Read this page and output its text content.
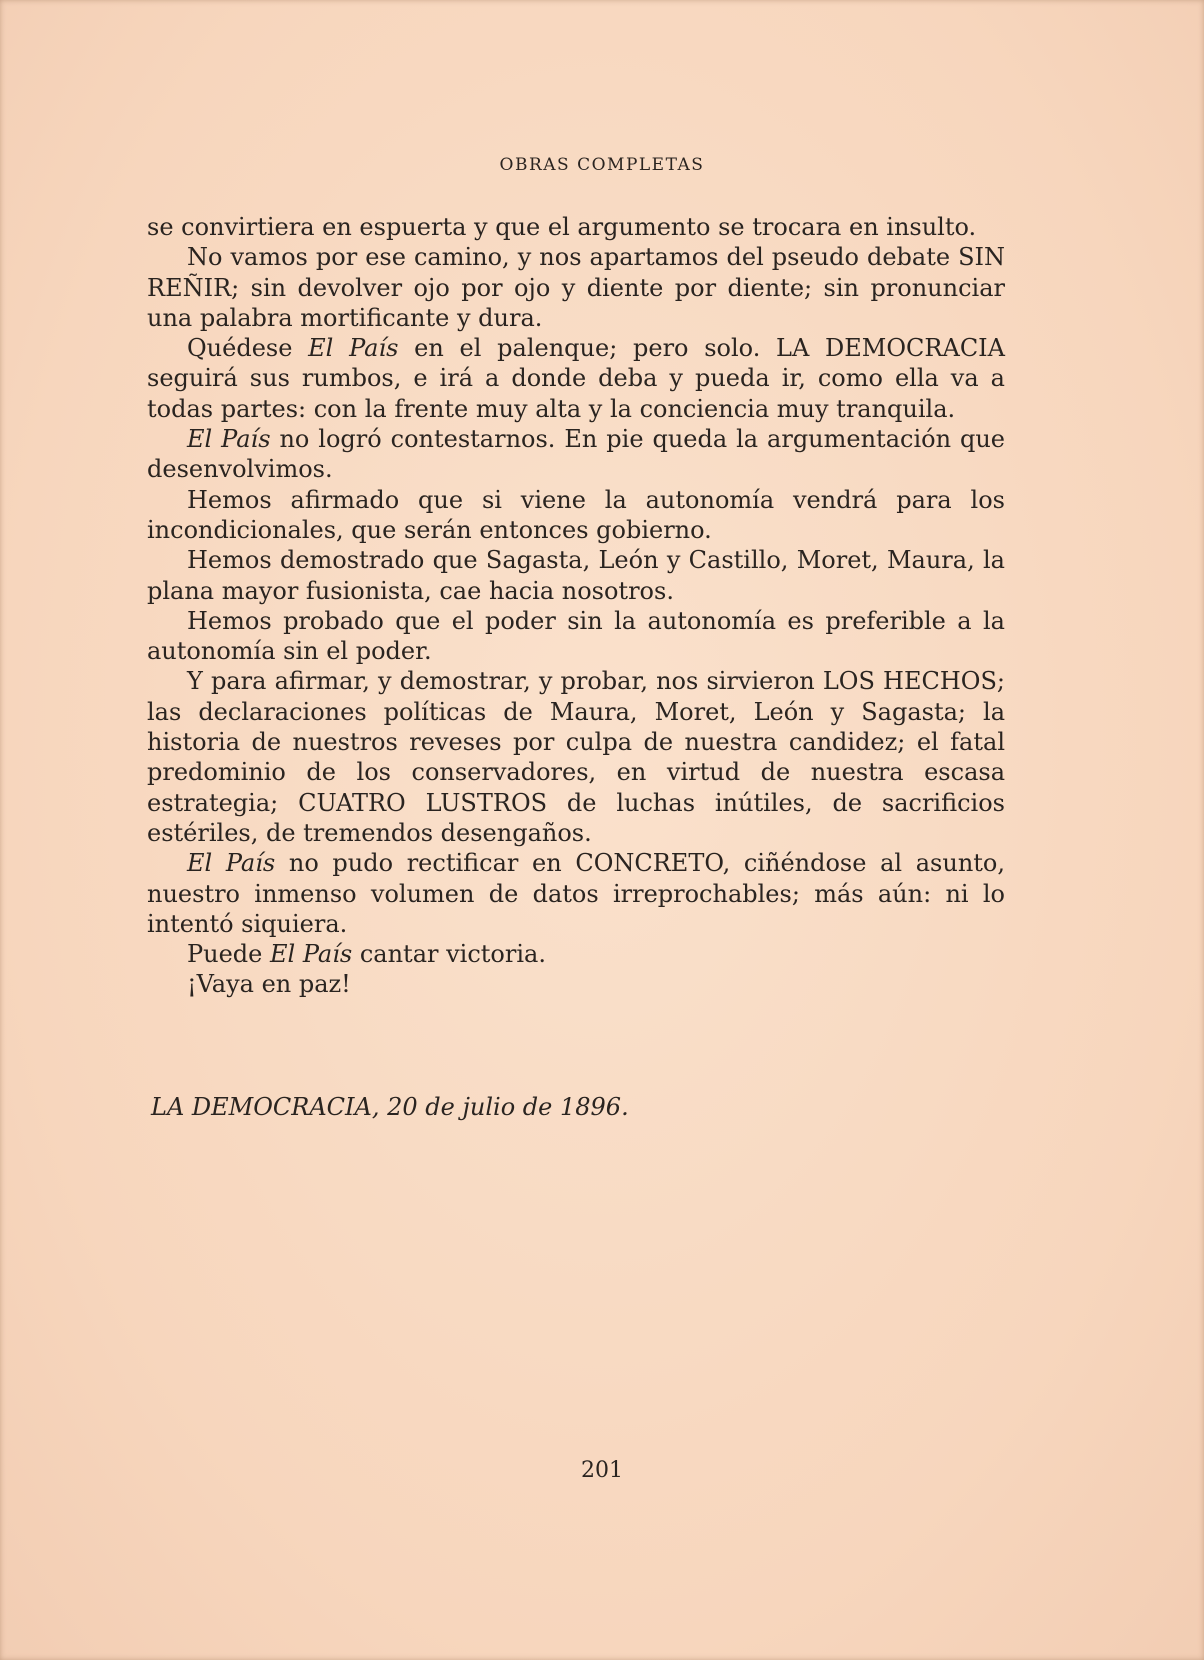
OBRAS COMPLETAS

se convirtiera en espuerta y que el argumento se trocara en insulto.

No vamos por ese camino, y nos apartamos del pseudo debate SIN REÑIR; sin devolver ojo por ojo y diente por diente; sin pronunciar una palabra mortificante y dura.

Quédese El País en el palenque; pero solo. LA DEMOCRACIA seguirá sus rumbos, e irá a donde deba y pueda ir, como ella va a todas partes: con la frente muy alta y la conciencia muy tranquila.

El País no logró contestarnos. En pie queda la argumentación que desenvolvimos.

Hemos afirmado que si viene la autonomía vendrá para los incondicionales, que serán entonces gobierno.

Hemos demostrado que Sagasta, León y Castillo, Moret, Maura, la plana mayor fusionista, cae hacia nosotros.

Hemos probado que el poder sin la autonomía es preferible a la autonomía sin el poder.

Y para afirmar, y demostrar, y probar, nos sirvieron LOS HECHOS; las declaraciones políticas de Maura, Moret, León y Sagasta; la historia de nuestros reveses por culpa de nuestra candidez; el fatal predominio de los conservadores, en virtud de nuestra escasa estrategia; CUATRO LUSTROS de luchas inútiles, de sacrificios estériles, de tremendos desengaños.

El País no pudo rectificar en CONCRETO, ciñéndose al asunto, nuestro inmenso volumen de datos irreprochables; más aún: ni lo intentó siquiera.

Puede El País cantar victoria.

¡Vaya en paz!

LA DEMOCRACIA, 20 de julio de 1896.
201
